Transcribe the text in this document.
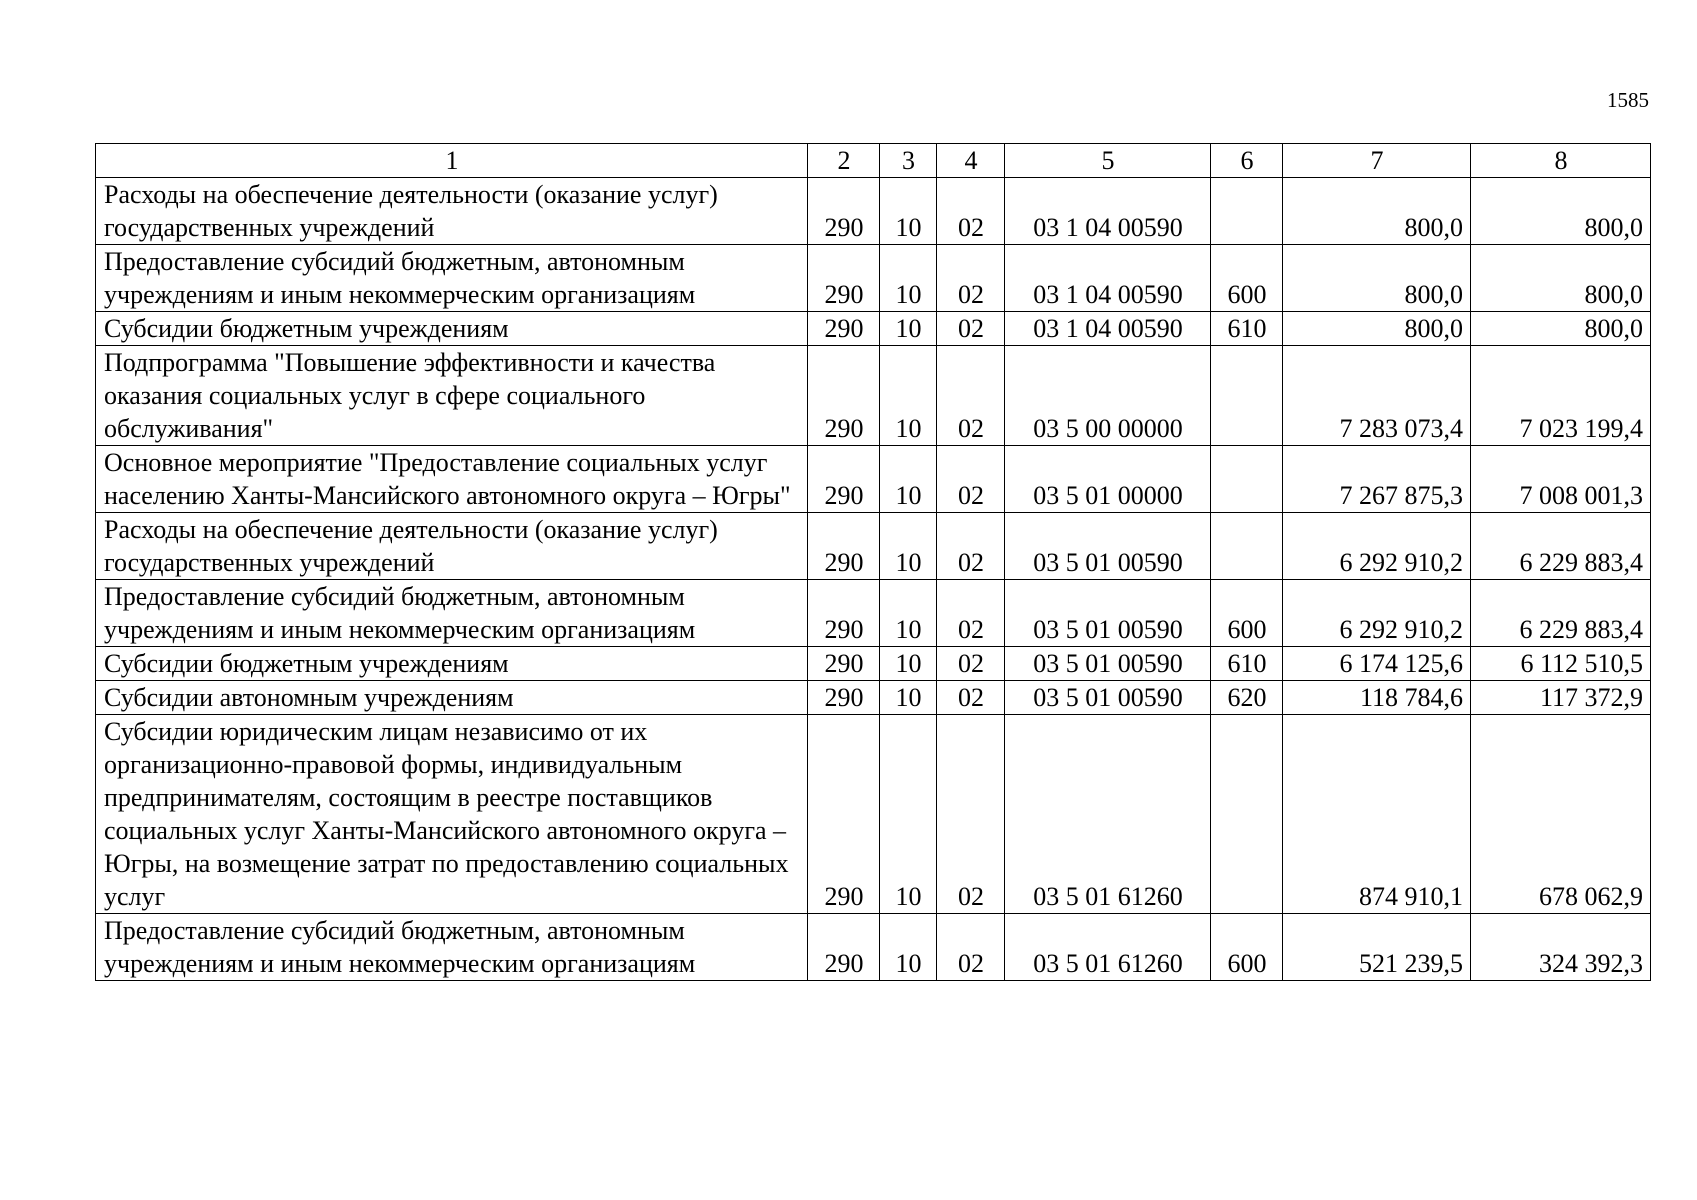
1585
1	2	3	4	5	6	7	8
Расходы на обеспечение деятельности (оказание услуг) государственных учреждений	290	10	02	03 1 04 00590		800,0	800,0
Предоставление субсидий бюджетным, автономным учреждениям и иным некоммерческим организациям	290	10	02	03 1 04 00590	600	800,0	800,0
Субсидии бюджетным учреждениям	290	10	02	03 1 04 00590	610	800,0	800,0
Подпрограмма "Повышение эффективности и качества оказания социальных услуг в сфере социального обслуживания"	290	10	02	03 5 00 00000		7 283 073,4	7 023 199,4
Основное мероприятие "Предоставление социальных услуг населению Ханты-Мансийского автономного округа – Югры"	290	10	02	03 5 01 00000		7 267 875,3	7 008 001,3
Расходы на обеспечение деятельности (оказание услуг) государственных учреждений	290	10	02	03 5 01 00590		6 292 910,2	6 229 883,4
Предоставление субсидий бюджетным, автономным учреждениям и иным некоммерческим организациям	290	10	02	03 5 01 00590	600	6 292 910,2	6 229 883,4
Субсидии бюджетным учреждениям	290	10	02	03 5 01 00590	610	6 174 125,6	6 112 510,5
Субсидии автономным учреждениям	290	10	02	03 5 01 00590	620	118 784,6	117 372,9
Субсидии юридическим лицам независимо от их организационно-правовой формы, индивидуальным предпринимателям, состоящим в реестре поставщиков социальных услуг Ханты-Мансийского автономного округа – Югры, на возмещение затрат по предоставлению социальных услуг	290	10	02	03 5 01 61260		874 910,1	678 062,9
Предоставление субсидий бюджетным, автономным учреждениям и иным некоммерческим организациям	290	10	02	03 5 01 61260	600	521 239,5	324 392,3
